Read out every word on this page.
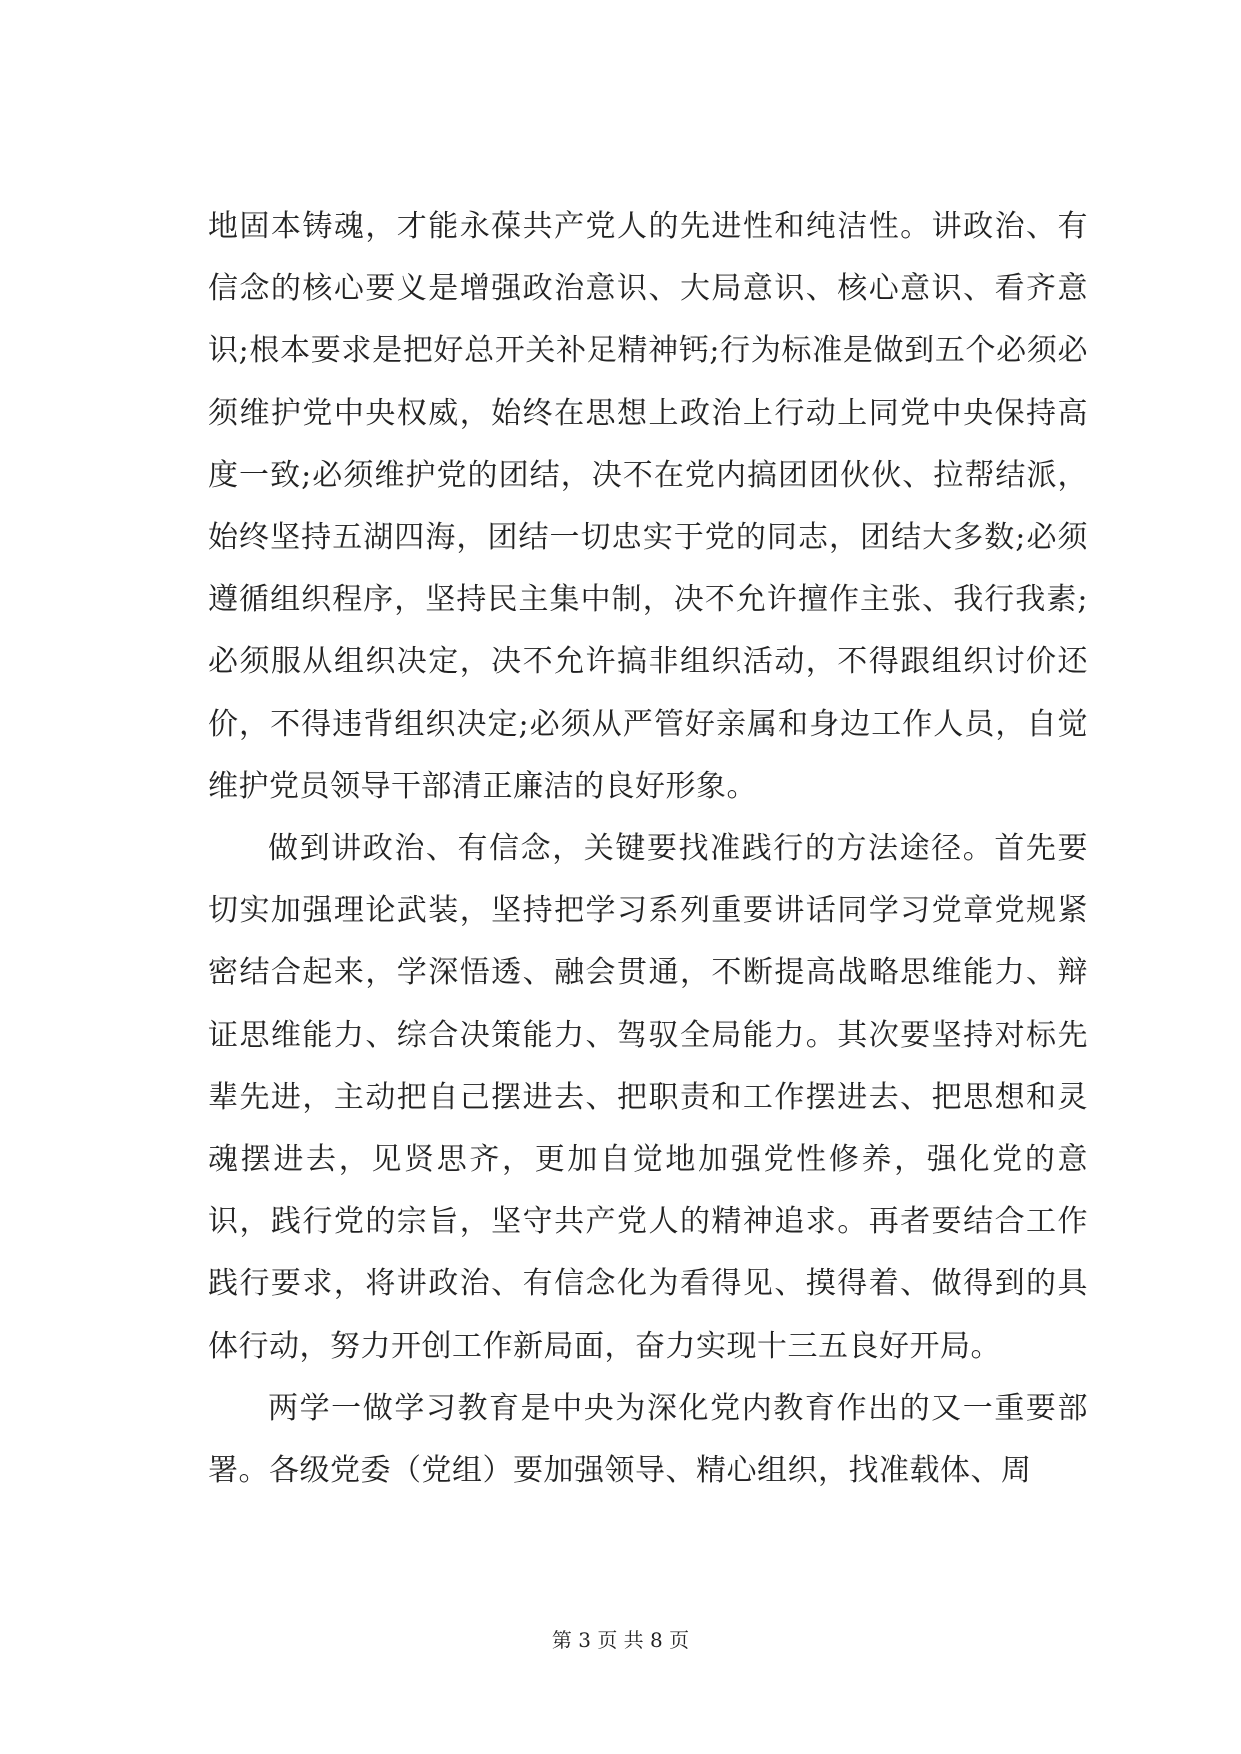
地固本铸魂，才能永葆共产党人的先进性和纯洁性。讲政治、有信念的核心要义是增强政治意识、大局意识、核心意识、看齐意识;根本要求是把好总开关补足精神钙;行为标准是做到五个必须必须维护党中央权威，始终在思想上政治上行动上同党中央保持高度一致;必须维护党的团结，决不在党内搞团团伙伙、拉帮结派，始终坚持五湖四海，团结一切忠实于党的同志，团结大多数;必须遵循组织程序，坚持民主集中制，决不允许擅作主张、我行我素;必须服从组织决定，决不允许搞非组织活动，不得跟组织讨价还价，不得违背组织决定;必须从严管好亲属和身边工作人员，自觉维护党员领导干部清正廉洁的良好形象。

做到讲政治、有信念，关键要找准践行的方法途径。首先要切实加强理论武装，坚持把学习系列重要讲话同学习党章党规紧密结合起来，学深悟透、融会贯通，不断提高战略思维能力、辩证思维能力、综合决策能力、驾驭全局能力。其次要坚持对标先辈先进，主动把自己摆进去、把职责和工作摆进去、把思想和灵魂摆进去，见贤思齐，更加自觉地加强党性修养，强化党的意识，践行党的宗旨，坚守共产党人的精神追求。再者要结合工作践行要求，将讲政治、有信念化为看得见、摸得着、做得到的具体行动，努力开创工作新局面，奋力实现十三五良好开局。

两学一做学习教育是中央为深化党内教育作出的又一重要部署。各级党委（党组）要加强领导、精心组织，找准载体、周

第 3 页 共 8 页
